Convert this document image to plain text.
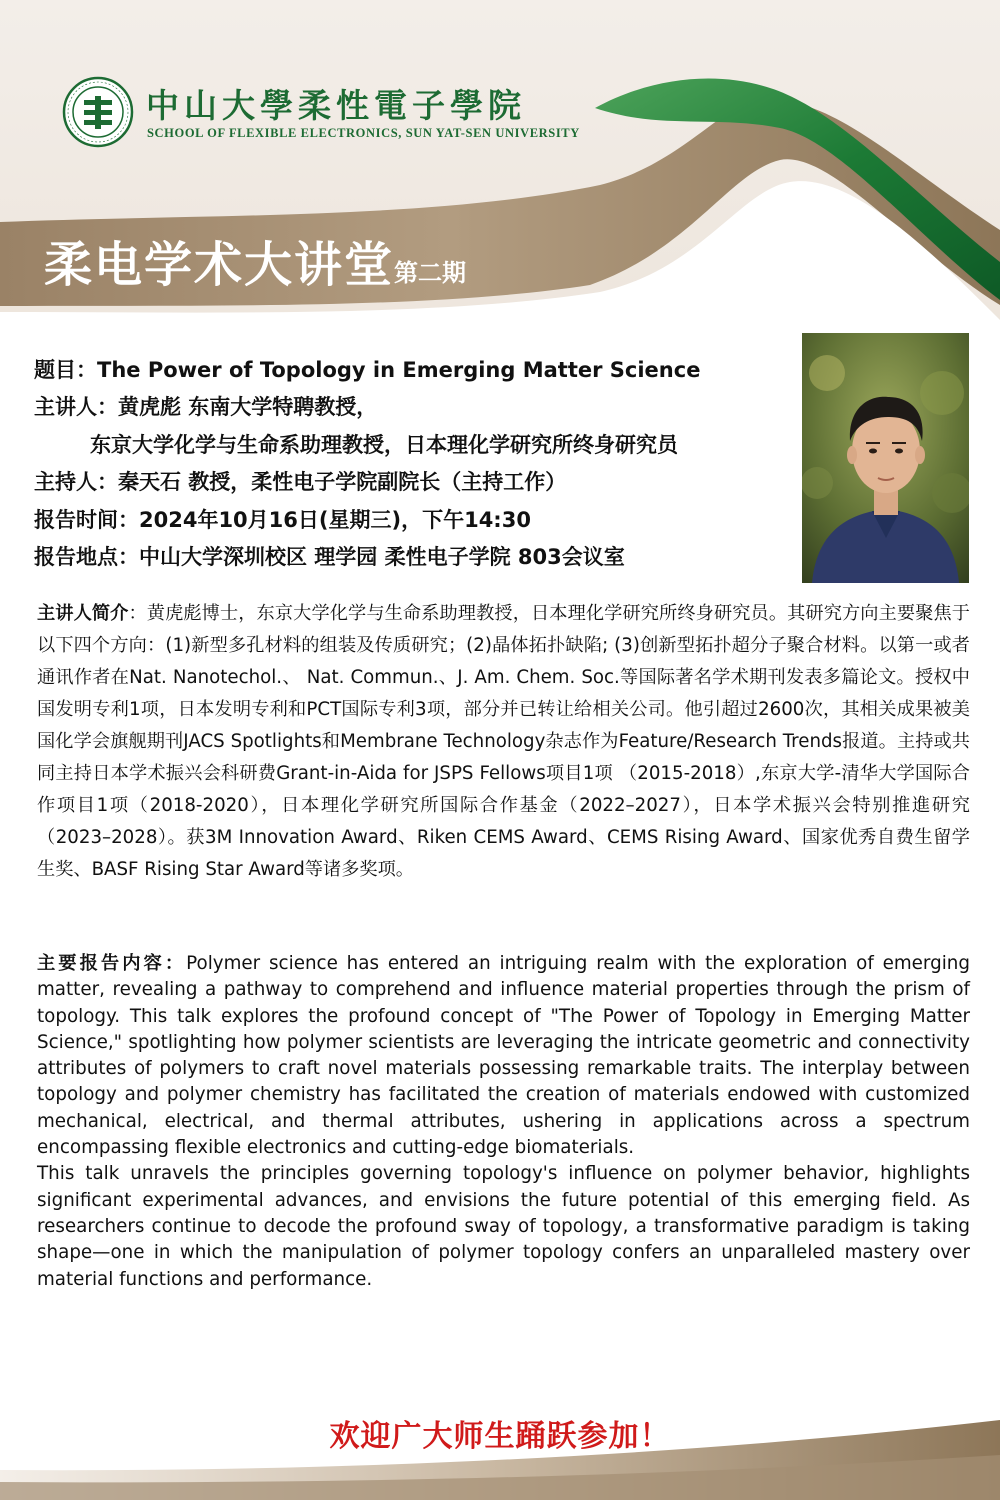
中山大學柔性電子學院
SCHOOL OF FLEXIBLE ELECTRONICS, SUN YAT-SEN UNIVERSITY
柔电学术大讲堂第二期
题目：The Power of Topology in Emerging Matter Science
主讲人：黄虎彪 东南大学特聘教授，
东京大学化学与生命系助理教授，日本理化学研究所终身研究员
主持人：秦天石 教授，柔性电子学院副院长（主持工作）
报告时间：2024年10月16日(星期三)，下午14:30
报告地点：中山大学深圳校区 理学园 柔性电子学院 803会议室
主讲人简介：黄虎彪博士，东京大学化学与生命系助理教授，日本理化学研究所终身研究员。其研究方向主要聚焦于以下四个方向：(1)新型多孔材料的组装及传质研究；(2)晶体拓扑缺陷; (3)创新型拓扑超分子聚合材料。以第一或者通讯作者在Nat. Nanotechol.、 Nat. Commun.、J. Am. Chem. Soc.等国际著名学术期刊发表多篇论文。授权中国发明专利1项，日本发明专利和PCT国际专利3项，部分并已转让给相关公司。他引超过2600次，其相关成果被美国化学会旗舰期刊JACS Spotlights和Membrane Technology杂志作为Feature/Research Trends报道。主持或共同主持日本学术振兴会科研费Grant-in-Aida for JSPS Fellows项目1项 （2015-2018）,东京大学-清华大学国际合作项目1项（2018-2020），日本理化学研究所国际合作基金（2022–2027），日本学术振兴会特别推進研究（2023–2028）。获3M Innovation Award、Riken CEMS Award、CEMS Rising Award、国家优秀自费生留学生奖、BASF Rising Star Award等诸多奖项。
主要报告内容：Polymer science has entered an intriguing realm with the exploration of emerging matter, revealing a pathway to comprehend and influence material properties through the prism of topology. This talk explores the profound concept of "The Power of Topology in Emerging Matter Science," spotlighting how polymer scientists are leveraging the intricate geometric and connectivity attributes of polymers to craft novel materials possessing remarkable traits. The interplay between topology and polymer chemistry has facilitated the creation of materials endowed with customized mechanical, electrical, and thermal attributes, ushering in applications across a spectrum encompassing flexible electronics and cutting-edge biomaterials.
This talk unravels the principles governing topology's influence on polymer behavior, highlights significant experimental advances, and envisions the future potential of this emerging field. As researchers continue to decode the profound sway of topology, a transformative paradigm is taking shape—one in which the manipulation of polymer topology confers an unparalleled mastery over material functions and performance.
欢迎广大师生踊跃参加！
